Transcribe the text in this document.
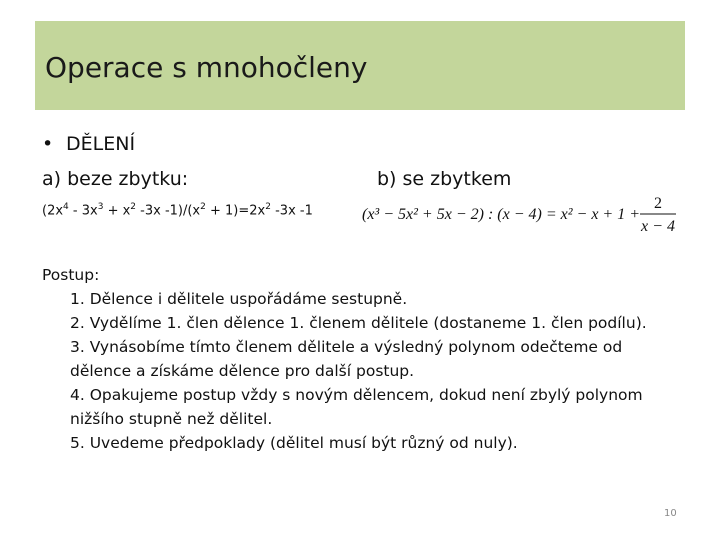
Operace s mnohočleny
• DĚLENÍ
a) beze zbytku:	b) se zbytkem
($2x^4 - 3x^3 + x^2$ -3x $-1)/(x^2 + 1)=2x^2$ -3x -1	(x³ − 5x² + 5x − 2) : (x − 4) = x² − x + 1 +
2
x − 4
Postup:
1. Dělence i dělitele uspořádáme sestupně.
2. Vydělíme 1. člen dělence 1. členem dělitele (dostaneme 1. člen podílu).
3. Vynásobíme tímto členem dělitele a výsledný polynom odečteme od
dělence a získáme dělence pro další postup.
4. Opakujeme postup vždy s novým dělencem, dokud není zbylý polynom
nižšího stupně než dělitel.
5. Uvedeme předpoklady (dělitel musí být různý od nuly).
10
